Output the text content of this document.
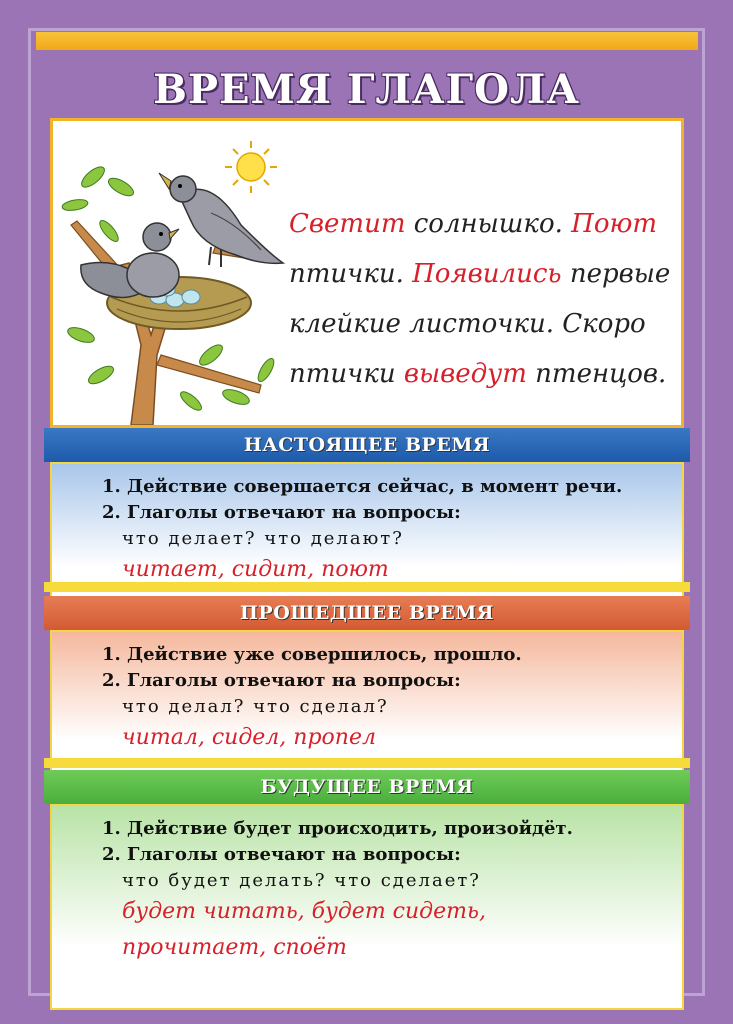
ВРЕМЯ ГЛАГОЛА
Светит солнышко. Поют
птички. Появились первые
клейкие листочки. Скоро
птички выведут птенцов.
НАСТОЯЩЕЕ ВРЕМЯ
1. Действие совершается сейчас, в момент речи.
2. Глаголы отвечают на вопросы:
что делает? что делают?
читает, сидит, поют
ПРОШЕДШЕЕ ВРЕМЯ
1. Действие уже совершилось, прошло.
2. Глаголы отвечают на вопросы:
что делал? что сделал?
читал, сидел, пропел
БУДУЩЕЕ ВРЕМЯ
1. Действие будет происходить, произойдёт.
2. Глаголы отвечают на вопросы:
что будет делать? что сделает?
будет читать, будет сидеть,
прочитает, споёт
